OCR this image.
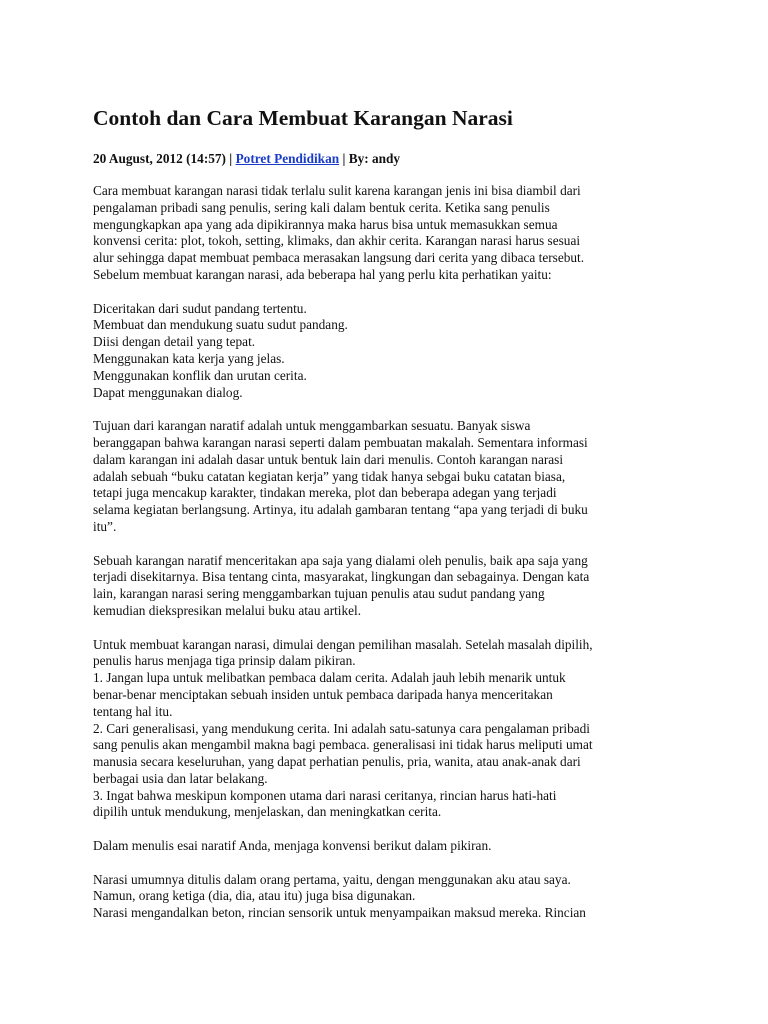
Contoh dan Cara Membuat Karangan Narasi
20 August, 2012 (14:57) | Potret Pendidikan | By: andy
Cara membuat karangan narasi tidak terlalu sulit karena karangan jenis ini bisa diambil dari
pengalaman pribadi sang penulis, sering kali dalam bentuk cerita. Ketika sang penulis
mengungkapkan apa yang ada dipikirannya maka harus bisa untuk memasukkan semua
konvensi cerita: plot, tokoh, setting, klimaks, dan akhir cerita. Karangan narasi harus sesuai
alur sehingga dapat membuat pembaca merasakan langsung dari cerita yang dibaca tersebut.
Sebelum membuat karangan narasi, ada beberapa hal yang perlu kita perhatikan yaitu:
Diceritakan dari sudut pandang tertentu.
Membuat dan mendukung suatu sudut pandang.
Diisi dengan detail yang tepat.
Menggunakan kata kerja yang jelas.
Menggunakan konflik dan urutan cerita.
Dapat menggunakan dialog.
Tujuan dari karangan naratif adalah untuk menggambarkan sesuatu. Banyak siswa
beranggapan bahwa karangan narasi seperti dalam pembuatan makalah. Sementara informasi
dalam karangan ini adalah dasar untuk bentuk lain dari menulis. Contoh karangan narasi
adalah sebuah “buku catatan kegiatan kerja” yang tidak hanya sebgai buku catatan biasa,
tetapi juga mencakup karakter, tindakan mereka, plot dan beberapa adegan yang terjadi
selama kegiatan berlangsung. Artinya, itu adalah gambaran tentang “apa yang terjadi di buku
itu”.
Sebuah karangan naratif menceritakan apa saja yang dialami oleh penulis, baik apa saja yang
terjadi disekitarnya. Bisa tentang cinta, masyarakat, lingkungan dan sebagainya. Dengan kata
lain, karangan narasi sering menggambarkan tujuan penulis atau sudut pandang yang
kemudian diekspresikan melalui buku atau artikel.
Untuk membuat karangan narasi, dimulai dengan pemilihan masalah. Setelah masalah dipilih,
penulis harus menjaga tiga prinsip dalam pikiran.
1. Jangan lupa untuk melibatkan pembaca dalam cerita. Adalah jauh lebih menarik untuk
benar-benar menciptakan sebuah insiden untuk pembaca daripada hanya menceritakan
tentang hal itu.
2. Cari generalisasi, yang mendukung cerita. Ini adalah satu-satunya cara pengalaman pribadi
sang penulis akan mengambil makna bagi pembaca. generalisasi ini tidak harus meliputi umat
manusia secara keseluruhan, yang dapat perhatian penulis, pria, wanita, atau anak-anak dari
berbagai usia dan latar belakang.
3. Ingat bahwa meskipun komponen utama dari narasi ceritanya, rincian harus hati-hati
dipilih untuk mendukung, menjelaskan, dan meningkatkan cerita.
Dalam menulis esai naratif Anda, menjaga konvensi berikut dalam pikiran.
Narasi umumnya ditulis dalam orang pertama, yaitu, dengan menggunakan aku atau saya.
Namun, orang ketiga (dia, dia, atau itu) juga bisa digunakan.
Narasi mengandalkan beton, rincian sensorik untuk menyampaikan maksud mereka. Rincian
